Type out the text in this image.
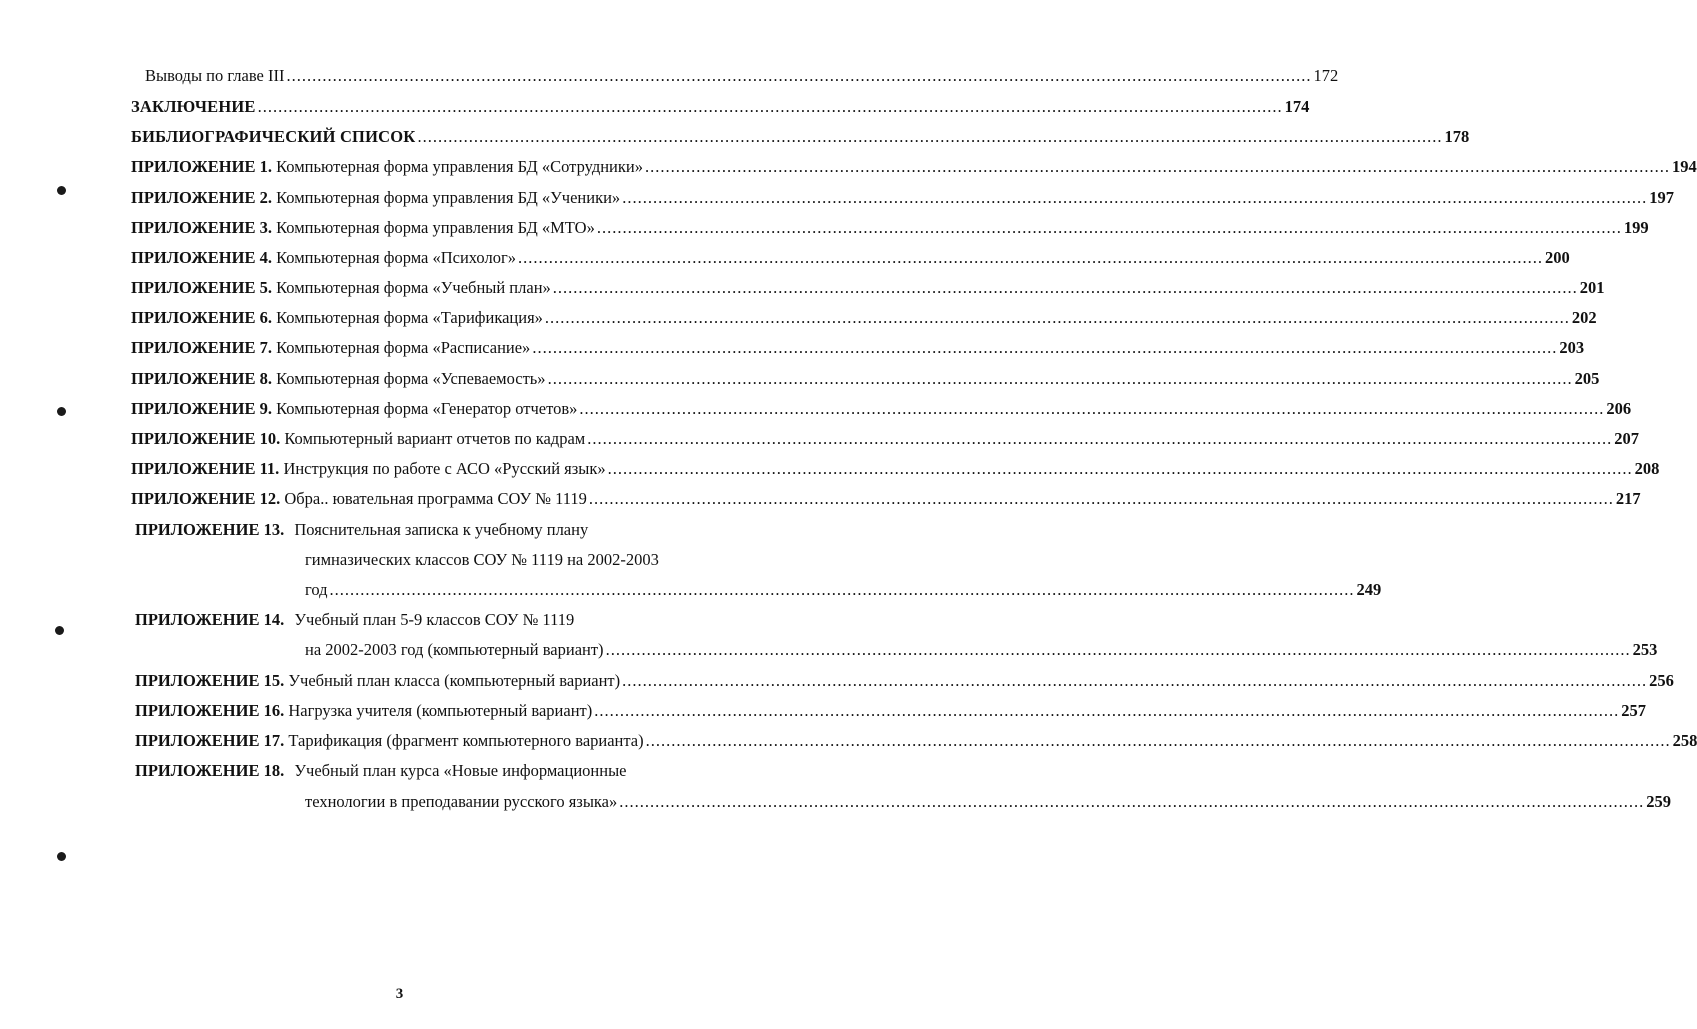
Выводы по главе III ........................................................................................................................................................................................................ 172
ЗАКЛЮЧЕНИЕ ........................................................................................................................................................................................................ 174
БИБЛИОГРАФИЧЕСКИЙ СПИСОК ........................................................................................................................................................................................................ 178
ПРИЛОЖЕНИЕ 1. Компьютерная форма управления БД «Сотрудники» ........................................................................................................................................................................................................ 194
ПРИЛОЖЕНИЕ 2. Компьютерная форма управления БД «Ученики» ........................................................................................................................................................................................................ 197
ПРИЛОЖЕНИЕ 3. Компьютерная форма управления БД «МТО» ........................................................................................................................................................................................................ 199
ПРИЛОЖЕНИЕ 4. Компьютерная форма «Психолог» ........................................................................................................................................................................................................ 200
ПРИЛОЖЕНИЕ 5. Компьютерная форма «Учебный план» ........................................................................................................................................................................................................ 201
ПРИЛОЖЕНИЕ 6. Компьютерная форма «Тарификация» ........................................................................................................................................................................................................ 202
ПРИЛОЖЕНИЕ 7. Компьютерная форма «Расписание» ........................................................................................................................................................................................................ 203
ПРИЛОЖЕНИЕ 8. Компьютерная форма «Успеваемость» ........................................................................................................................................................................................................ 205
ПРИЛОЖЕНИЕ 9. Компьютерная форма «Генератор отчетов» ........................................................................................................................................................................................................ 206
ПРИЛОЖЕНИЕ 10. Компьютерный вариант отчетов по кадрам ........................................................................................................................................................................................................ 207
ПРИЛОЖЕНИЕ 11. Инструкция по работе с АСО «Русский язык» ........................................................................................................................................................................................................ 208
ПРИЛОЖЕНИЕ 12. Обра.. ювательная программа СОУ № 1119 ........................................................................................................................................................................................................ 217
ПРИЛОЖЕНИЕ 13. Пояснительная записка к учебному плану
гимназических классов СОУ № 1119 на 2002-2003
год ........................................................................................................................................................................................................ 249
ПРИЛОЖЕНИЕ 14. Учебный план 5-9 классов СОУ № 1119
на 2002-2003 год (компьютерный вариант) ........................................................................................................................................................................................................ 253
ПРИЛОЖЕНИЕ 15. Учебный план класса (компьютерный вариант) ........................................................................................................................................................................................................ 256
ПРИЛОЖЕНИЕ 16. Нагрузка учителя (компьютерный вариант) ........................................................................................................................................................................................................ 257
ПРИЛОЖЕНИЕ 17. Тарификация (фрагмент компьютерного варианта) ........................................................................................................................................................................................................ 258
ПРИЛОЖЕНИЕ 18. Учебный план курса «Новые информационные
технологии в преподавании русского языка» ........................................................................................................................................................................................................ 259
3
